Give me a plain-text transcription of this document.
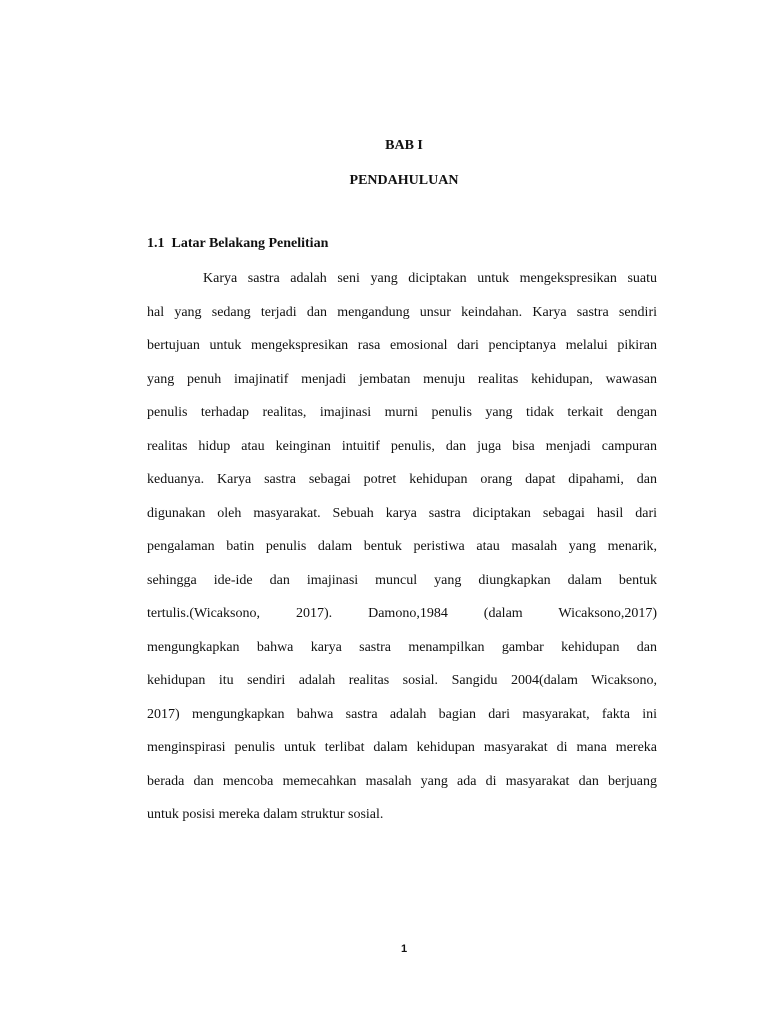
BAB I
PENDAHULUAN
1.1  Latar Belakang Penelitian
Karya sastra adalah seni yang diciptakan untuk mengekspresikan suatu
hal yang sedang terjadi dan mengandung unsur keindahan. Karya sastra sendiri
bertujuan untuk mengekspresikan rasa emosional dari penciptanya melalui pikiran
yang penuh imajinatif menjadi jembatan menuju realitas kehidupan, wawasan
penulis terhadap realitas, imajinasi murni penulis yang tidak terkait dengan
realitas hidup atau keinginan intuitif penulis, dan juga bisa menjadi campuran
keduanya. Karya sastra sebagai potret kehidupan orang dapat dipahami, dan
digunakan oleh masyarakat. Sebuah karya sastra diciptakan sebagai hasil dari
pengalaman batin penulis dalam bentuk peristiwa atau masalah yang menarik,
sehingga ide-ide dan imajinasi muncul yang diungkapkan dalam bentuk
tertulis.(Wicaksono, 2017). Damono,1984 (dalam Wicaksono,2017)
mengungkapkan bahwa karya sastra menampilkan gambar kehidupan dan
kehidupan itu sendiri adalah realitas sosial. Sangidu 2004(dalam Wicaksono,
2017) mengungkapkan bahwa sastra adalah bagian dari masyarakat, fakta ini
menginspirasi penulis untuk terlibat dalam kehidupan masyarakat di mana mereka
berada dan mencoba memecahkan masalah yang ada di masyarakat dan berjuang
untuk posisi mereka dalam struktur sosial.
1
